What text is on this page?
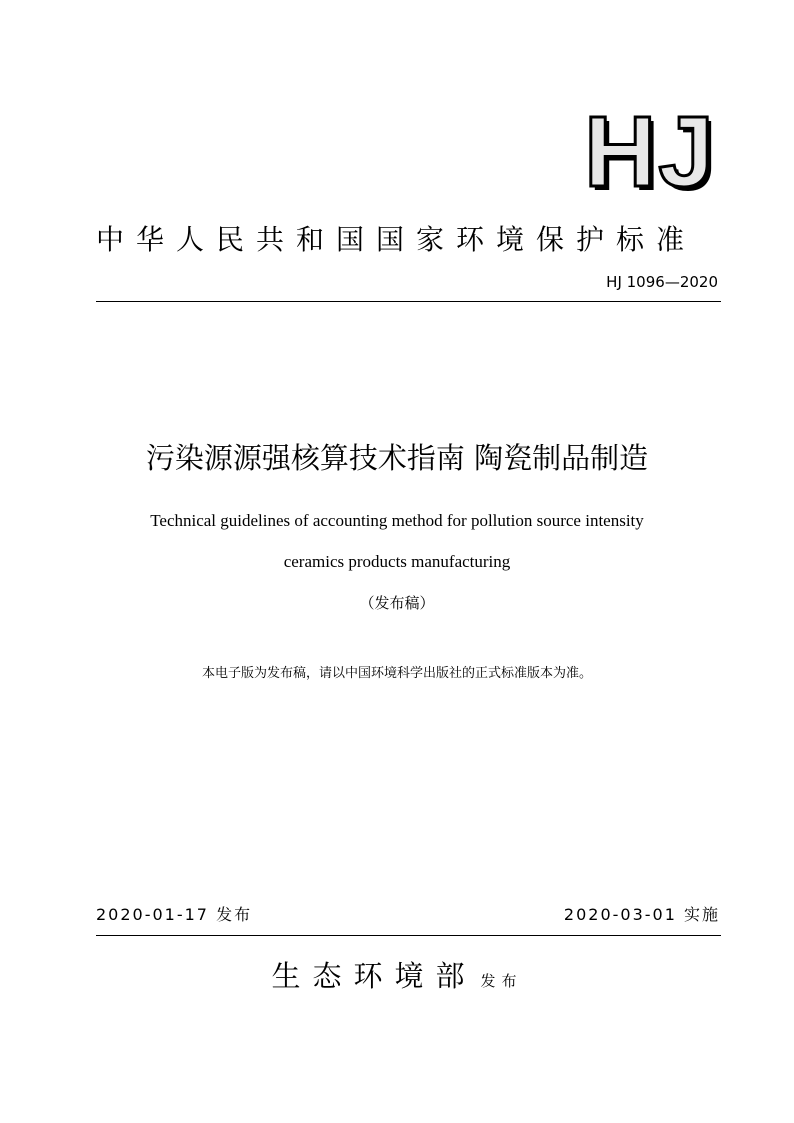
HJ
中华人民共和国国家环境保护标准
HJ 1096—2020
污染源源强核算技术指南 陶瓷制品制造
Technical guidelines of accounting method for pollution source intensity
ceramics products manufacturing
（发布稿）
本电子版为发布稿，请以中国环境科学出版社的正式标准版本为准。
2020-01-17 发布	2020-03-01 实施
生态环境部 发布
